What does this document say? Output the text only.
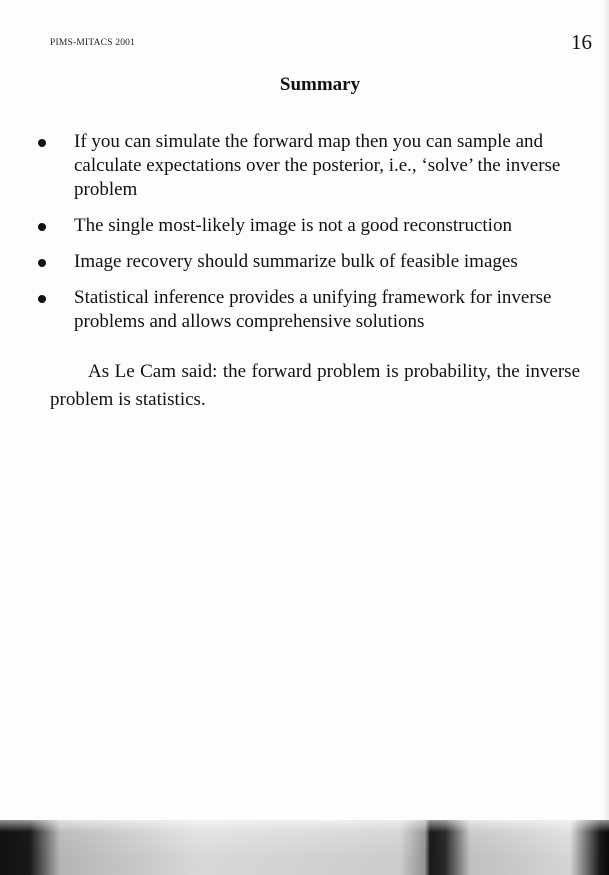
PIMS-MITACS 2001	16
Summary
If you can simulate the forward map then you can sample and calculate expectations over the posterior, i.e., ‘solve’ the inverse problem
The single most-likely image is not a good reconstruction
Image recovery should summarize bulk of feasible images
Statistical inference provides a unifying framework for inverse problems and allows comprehensive solutions
As Le Cam said: the forward problem is probability, the inverse problem is statistics.
